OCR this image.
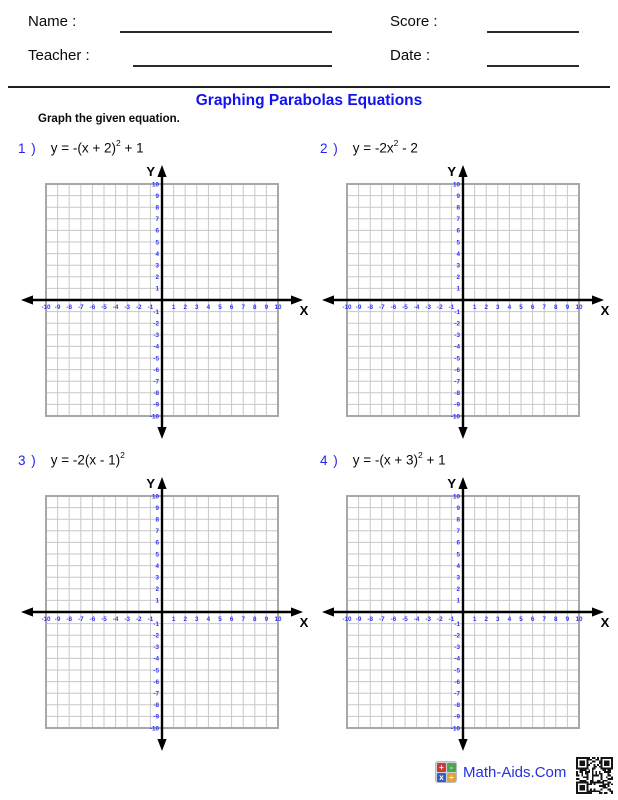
Name :	Score :
Teacher :	Date :
Graphing Parabolas Equations
Graph the given equation.
1 ) $y = -(x + 2)^2 + 1$
Y
X
-10 -9 -8 -7 -6 -5 -4 -3 -2 -1	1 2 3 4 5 6 7 8 9 10
-10
-9
-8
-7
-6
-5
-4
-3
-2
-1
1
2
3
4
5
6
7
8
9
10
2 ) $y = -2x^2 - 2$
Y
X
-10 -9 -8 -7 -6 -5 -4 -3 -2 -1	1 2 3 4 5 6 7 8 9 10
-10
-9
-8
-7
-6
-5
-4
-3
-2
-1
1
2
3
4
5
6
7
8
9
10
3 ) y = -2(x - 1)$^2$
Y
X
-10 -9 -8 -7 -6 -5 -4 -3 -2 -1	1 2 3 4 5 6 7 8 9 10
-10
-9
-8
-7
-6
-5
-4
-3
-2
-1
1
2
3
4
5
6
7
8
9
10
4 ) $y = -(x + 3)^2 + 1$
Y
X
-10 -9 -8 -7 -6 -5 -4 -3 -2 -1	1 2 3 4 5 6 7 8 9 10
-10
-9
-8
-7
-6
-5
-4
-3
-2
-1
1
2
3
4
5
6
7
8
9
10
+ -
x ÷ Math-Aids.Com
